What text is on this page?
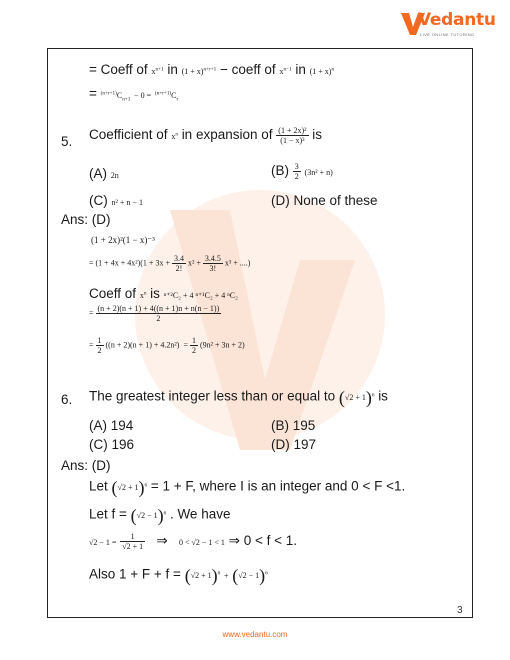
Vedantu
LIVE ONLINE TUTORING
= Coeff of $x^{n+1}$ in $(1 + x)^{n+r+1}$ − coeff of $x^{n-1}$ in $(1 + x)^n$
= $^{(n+r+1)}C_{n+1} - 0 = ^{(n+r+1)}C_r$
5. Coefficient of $x^n$ in expansion of $\frac{\text{(1 + 2x)²}}{\text{(1 − x)³}}$ is
(A) 2n	$(B) \frac{3}{2} (3n^2 + n)$
(C) n² + n − 1	(D) None of these
Ans: (D)
(1 + 2x)²(1 − x)⁻³
= $(1 + 4x + 4x^2)(1 + 3x + \frac{3.4}{2!} x^2 + \frac{3.4.5}{3!} x^3$ + ....)
Coeff of $x^n$ is ⁿ⁺²C₂ + 4 ⁿ⁺¹C₂ + 4 ⁿC₂
= $\frac{(n + 2)(n + 1) + 4((n + 1)n + n(n - 1))}{2}$
= $\frac{1}{2} ((n + 2)(n + 1) + 4.2n^2) = \frac{1}{2} (9n^2 + 3n + 2)$
6. The greatest integer less than or equal to $(√2 + 1)^6$ is
(A) 194	(B) 195
(C) 196	(D) 197
Ans: (D)
Let $(√2 + 1)^6 = 1 + F$, where I is an integer and 0 < F <1.
Let $f = (√2 - 1)^6$ . We have
$√2 - 1 = \frac{1}{√2 + 1}$ ⇒ 0 < √2 − 1 < 1 ⇒ 0 < f < 1.
Also $1 + F + f = (√2 + 1)^6 + (√2 - 1)^6$
3
www.vedantu.com
